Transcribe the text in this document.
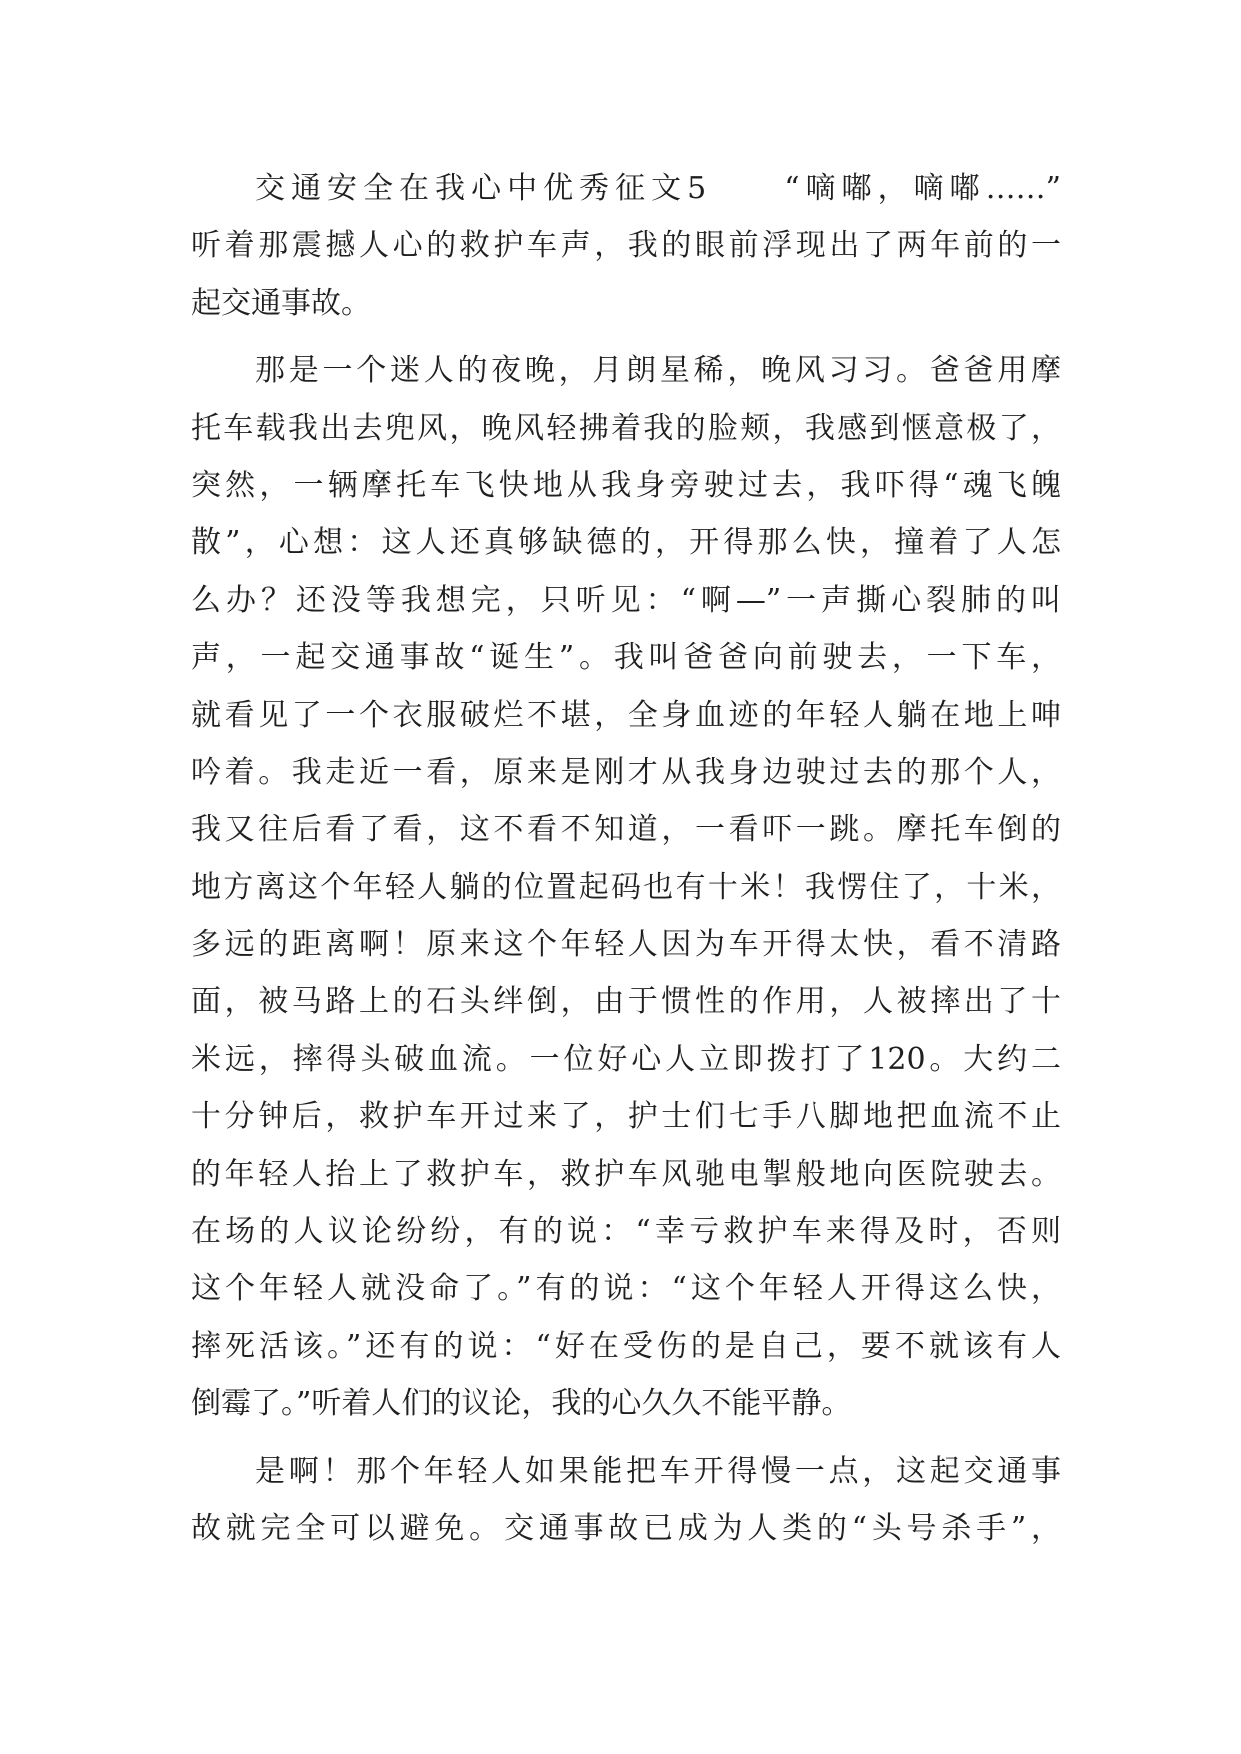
交通安全在我心中优秀征文5　　“嘀嘟，嘀嘟……”
听着那震撼人心的救护车声，我的眼前浮现出了两年前的一
起交通事故。
那是一个迷人的夜晚，月朗星稀，晚风习习。爸爸用摩
托车载我出去兜风，晚风轻拂着我的脸颊，我感到惬意极了，
突然，一辆摩托车飞快地从我身旁驶过去，我吓得“魂飞魄
散”，心想：这人还真够缺德的，开得那么快，撞着了人怎
么办？还没等我想完，只听见：“啊—”一声撕心裂肺的叫
声，一起交通事故“诞生”。我叫爸爸向前驶去，一下车，
就看见了一个衣服破烂不堪，全身血迹的年轻人躺在地上呻
吟着。我走近一看，原来是刚才从我身边驶过去的那个人，
我又往后看了看，这不看不知道，一看吓一跳。摩托车倒的
地方离这个年轻人躺的位置起码也有十米！我愣住了，十米，
多远的距离啊！原来这个年轻人因为车开得太快，看不清路
面，被马路上的石头绊倒，由于惯性的作用，人被摔出了十
米远，摔得头破血流。一位好心人立即拨打了120。大约二
十分钟后，救护车开过来了，护士们七手八脚地把血流不止
的年轻人抬上了救护车，救护车风驰电掣般地向医院驶去。
在场的人议论纷纷，有的说：“幸亏救护车来得及时，否则
这个年轻人就没命了。”有的说：“这个年轻人开得这么快，
摔死活该。”还有的说：“好在受伤的是自己，要不就该有人
倒霉了。”听着人们的议论，我的心久久不能平静。
是啊！那个年轻人如果能把车开得慢一点，这起交通事
故就完全可以避免。交通事故已成为人类的“头号杀手”，
